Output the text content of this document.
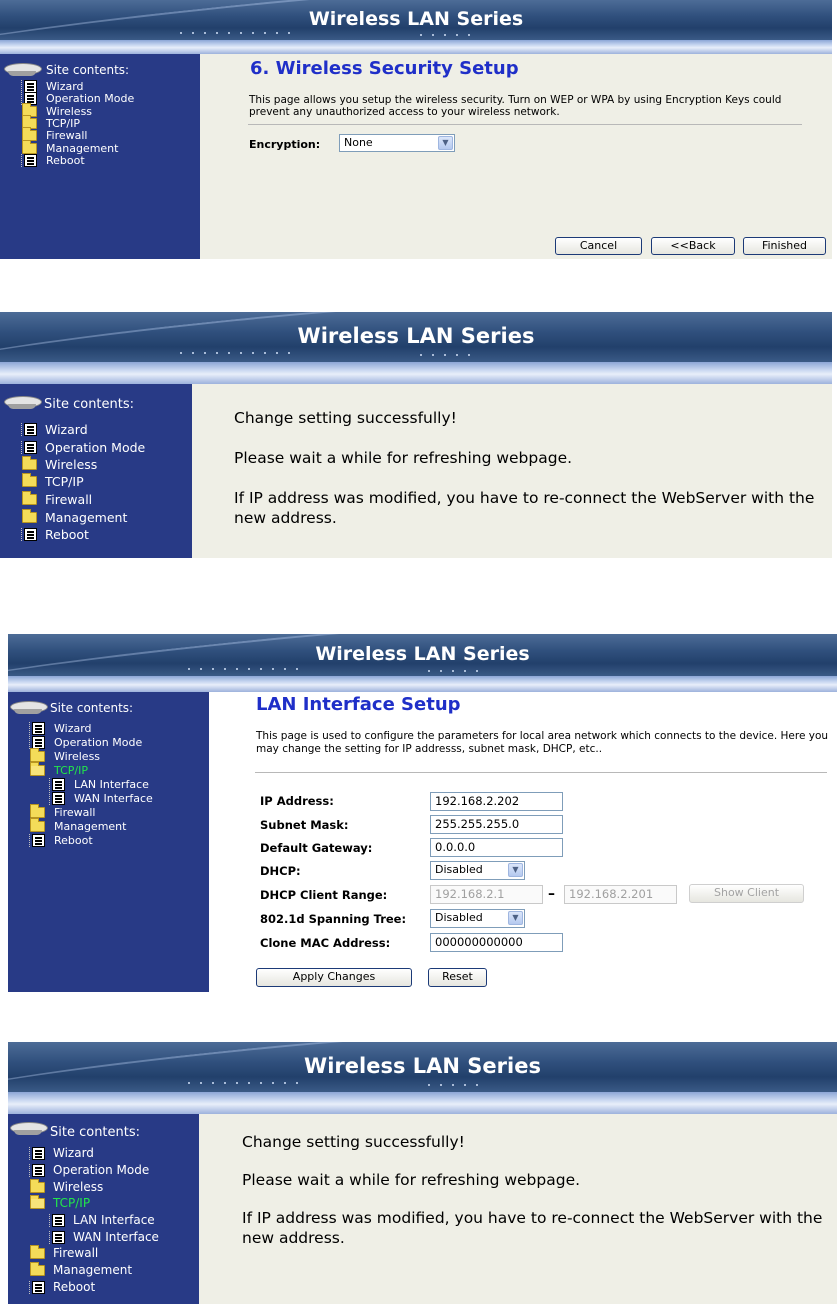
Wireless LAN Series
Site contents:
Wizard
Operation Mode
Wireless
TCP/IP
Firewall
Management
Reboot
6. Wireless Security Setup
This page allows you setup the wireless security. Turn on WEP or WPA by using Encryption Keys could prevent any unauthorized access to your wireless network.
Encryption:	None	▼
Cancel	<<Back	Finished
Wireless LAN Series
Site contents:
Wizard
Operation Mode
Wireless
TCP/IP
Firewall
Management
Reboot
Change setting successfully!
Please wait a while for refreshing webpage.
If IP address was modified, you have to re-connect the WebServer with the new address.
Wireless LAN Series
Site contents:
Wizard
Operation Mode
Wireless
TCP/IP
LAN Interface
WAN Interface
Firewall
Management
Reboot
LAN Interface Setup
This page is used to configure the parameters for local area network which connects to the device. Here you may change the setting for IP addresss, subnet mask, DHCP, etc..
IP Address:	192.168.2.202
Subnet Mask:	255.255.255.0
Default Gateway:	0.0.0.0
DHCP:	Disabled	▼
DHCP Client Range:	192.168.2.1	–	192.168.2.201	Show Client
802.1d Spanning Tree:	Disabled	▼
Clone MAC Address:	000000000000
Apply Changes	Reset
Wireless LAN Series
Site contents:
Wizard
Operation Mode
Wireless
TCP/IP
LAN Interface
WAN Interface
Firewall
Management
Reboot
Change setting successfully!
Please wait a while for refreshing webpage.
If IP address was modified, you have to re-connect the WebServer with the new address.
